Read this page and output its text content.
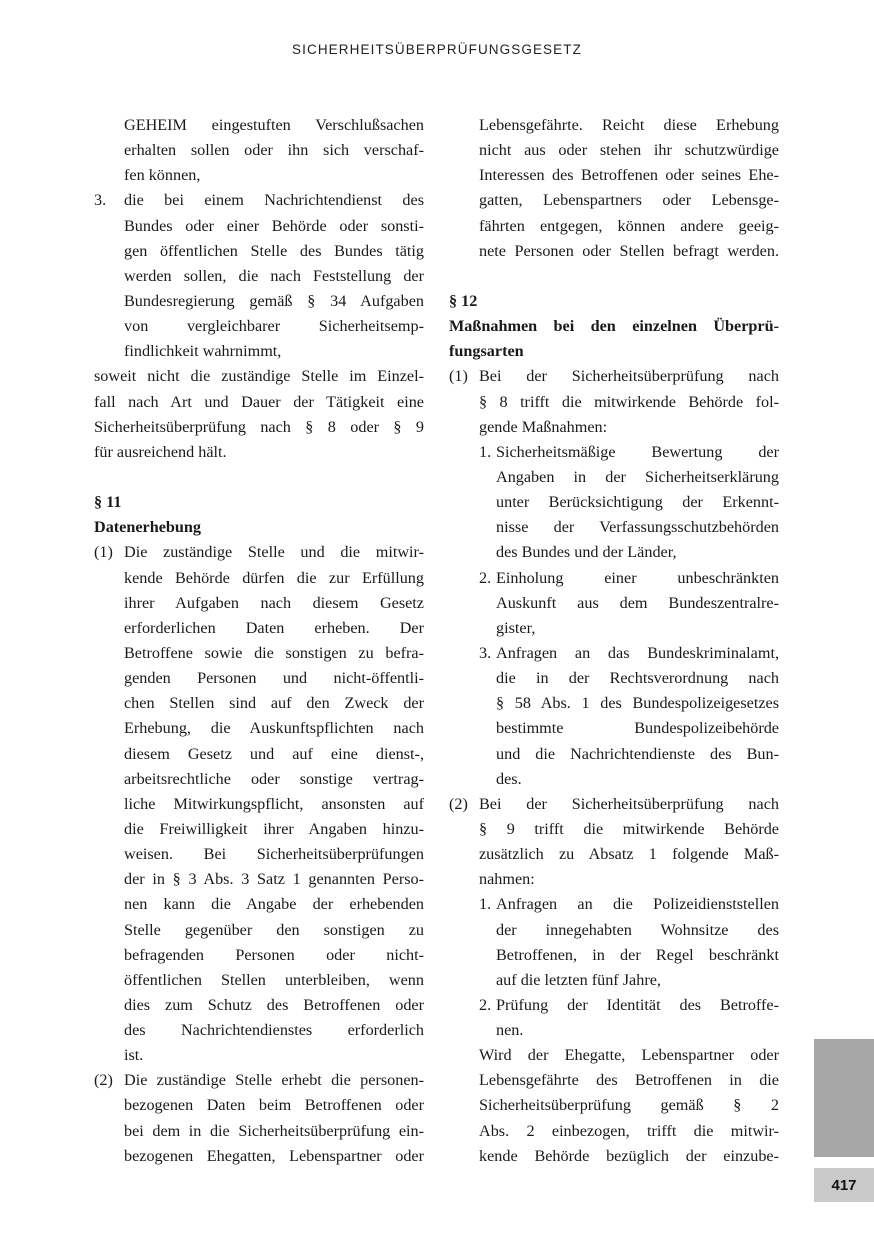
SICHERHEITSÜBERPRÜFUNGSGESETZ
GEHEIM eingestuften Verschlußsachen
erhalten sollen oder ihn sich verschaf-
fen können,
3. die bei einem Nachrichtendienst des
Bundes oder einer Behörde oder sonsti-
gen öffentlichen Stelle des Bundes tätig
werden sollen, die nach Feststellung der
Bundesregierung gemäß § 34 Aufgaben
von vergleichbarer Sicherheitsemp-
findlichkeit wahrnimmt,
soweit nicht die zuständige Stelle im Einzel-
fall nach Art und Dauer der Tätigkeit eine
Sicherheitsüberprüfung nach § 8 oder § 9
für ausreichend hält.
§ 11
Datenerhebung
(1) Die zuständige Stelle und die mitwir-
kende Behörde dürfen die zur Erfüllung
ihrer Aufgaben nach diesem Gesetz
erforderlichen Daten erheben. Der
Betroffene sowie die sonstigen zu befra-
genden Personen und nicht-öffentli-
chen Stellen sind auf den Zweck der
Erhebung, die Auskunftspflichten nach
diesem Gesetz und auf eine dienst-,
arbeitsrechtliche oder sonstige vertrag-
liche Mitwirkungspflicht, ansonsten auf
die Freiwilligkeit ihrer Angaben hinzu-
weisen. Bei Sicherheitsüberprüfungen
der in § 3 Abs. 3 Satz 1 genannten Perso-
nen kann die Angabe der erhebenden
Stelle gegenüber den sonstigen zu
befragenden Personen oder nicht-
öffentlichen Stellen unterbleiben, wenn
dies zum Schutz des Betroffenen oder
des Nachrichtendienstes erforderlich
ist.
(2) Die zuständige Stelle erhebt die personen-
bezogenen Daten beim Betroffenen oder
bei dem in die Sicherheitsüberprüfung ein-
bezogenen Ehegatten, Lebenspartner oder
Lebensgefährte. Reicht diese Erhebung
nicht aus oder stehen ihr schutzwürdige
Interessen des Betroffenen oder seines Ehe-
gatten, Lebenspartners oder Lebensge-
fährten entgegen, können andere geeig-
nete Personen oder Stellen befragt werden.
§ 12
Maßnahmen bei den einzelnen Überprü-
fungsarten
(1) Bei der Sicherheitsüberprüfung nach
§ 8 trifft die mitwirkende Behörde fol-
gende Maßnahmen:
1. Sicherheitsmäßige Bewertung der
Angaben in der Sicherheitserklärung
unter Berücksichtigung der Erkennt-
nisse der Verfassungsschutzbehörden
des Bundes und der Länder,
2. Einholung einer unbeschränkten
Auskunft aus dem Bundeszentralre-
gister,
3. Anfragen an das Bundeskriminalamt,
die in der Rechtsverordnung nach
§ 58 Abs. 1 des Bundespolizeigesetzes
bestimmte Bundespolizeibehörde
und die Nachrichtendienste des Bun-
des.
(2) Bei der Sicherheitsüberprüfung nach
§ 9 trifft die mitwirkende Behörde
zusätzlich zu Absatz 1 folgende Maß-
nahmen:
1. Anfragen an die Polizeidienststellen
der innegehabten Wohnsitze des
Betroffenen, in der Regel beschränkt
auf die letzten fünf Jahre,
2. Prüfung der Identität des Betroffe-
nen.
Wird der Ehegatte, Lebenspartner oder
Lebensgefährte des Betroffenen in die
Sicherheitsüberprüfung gemäß § 2
Abs. 2 einbezogen, trifft die mitwir-
kende Behörde bezüglich der einzube-
417
